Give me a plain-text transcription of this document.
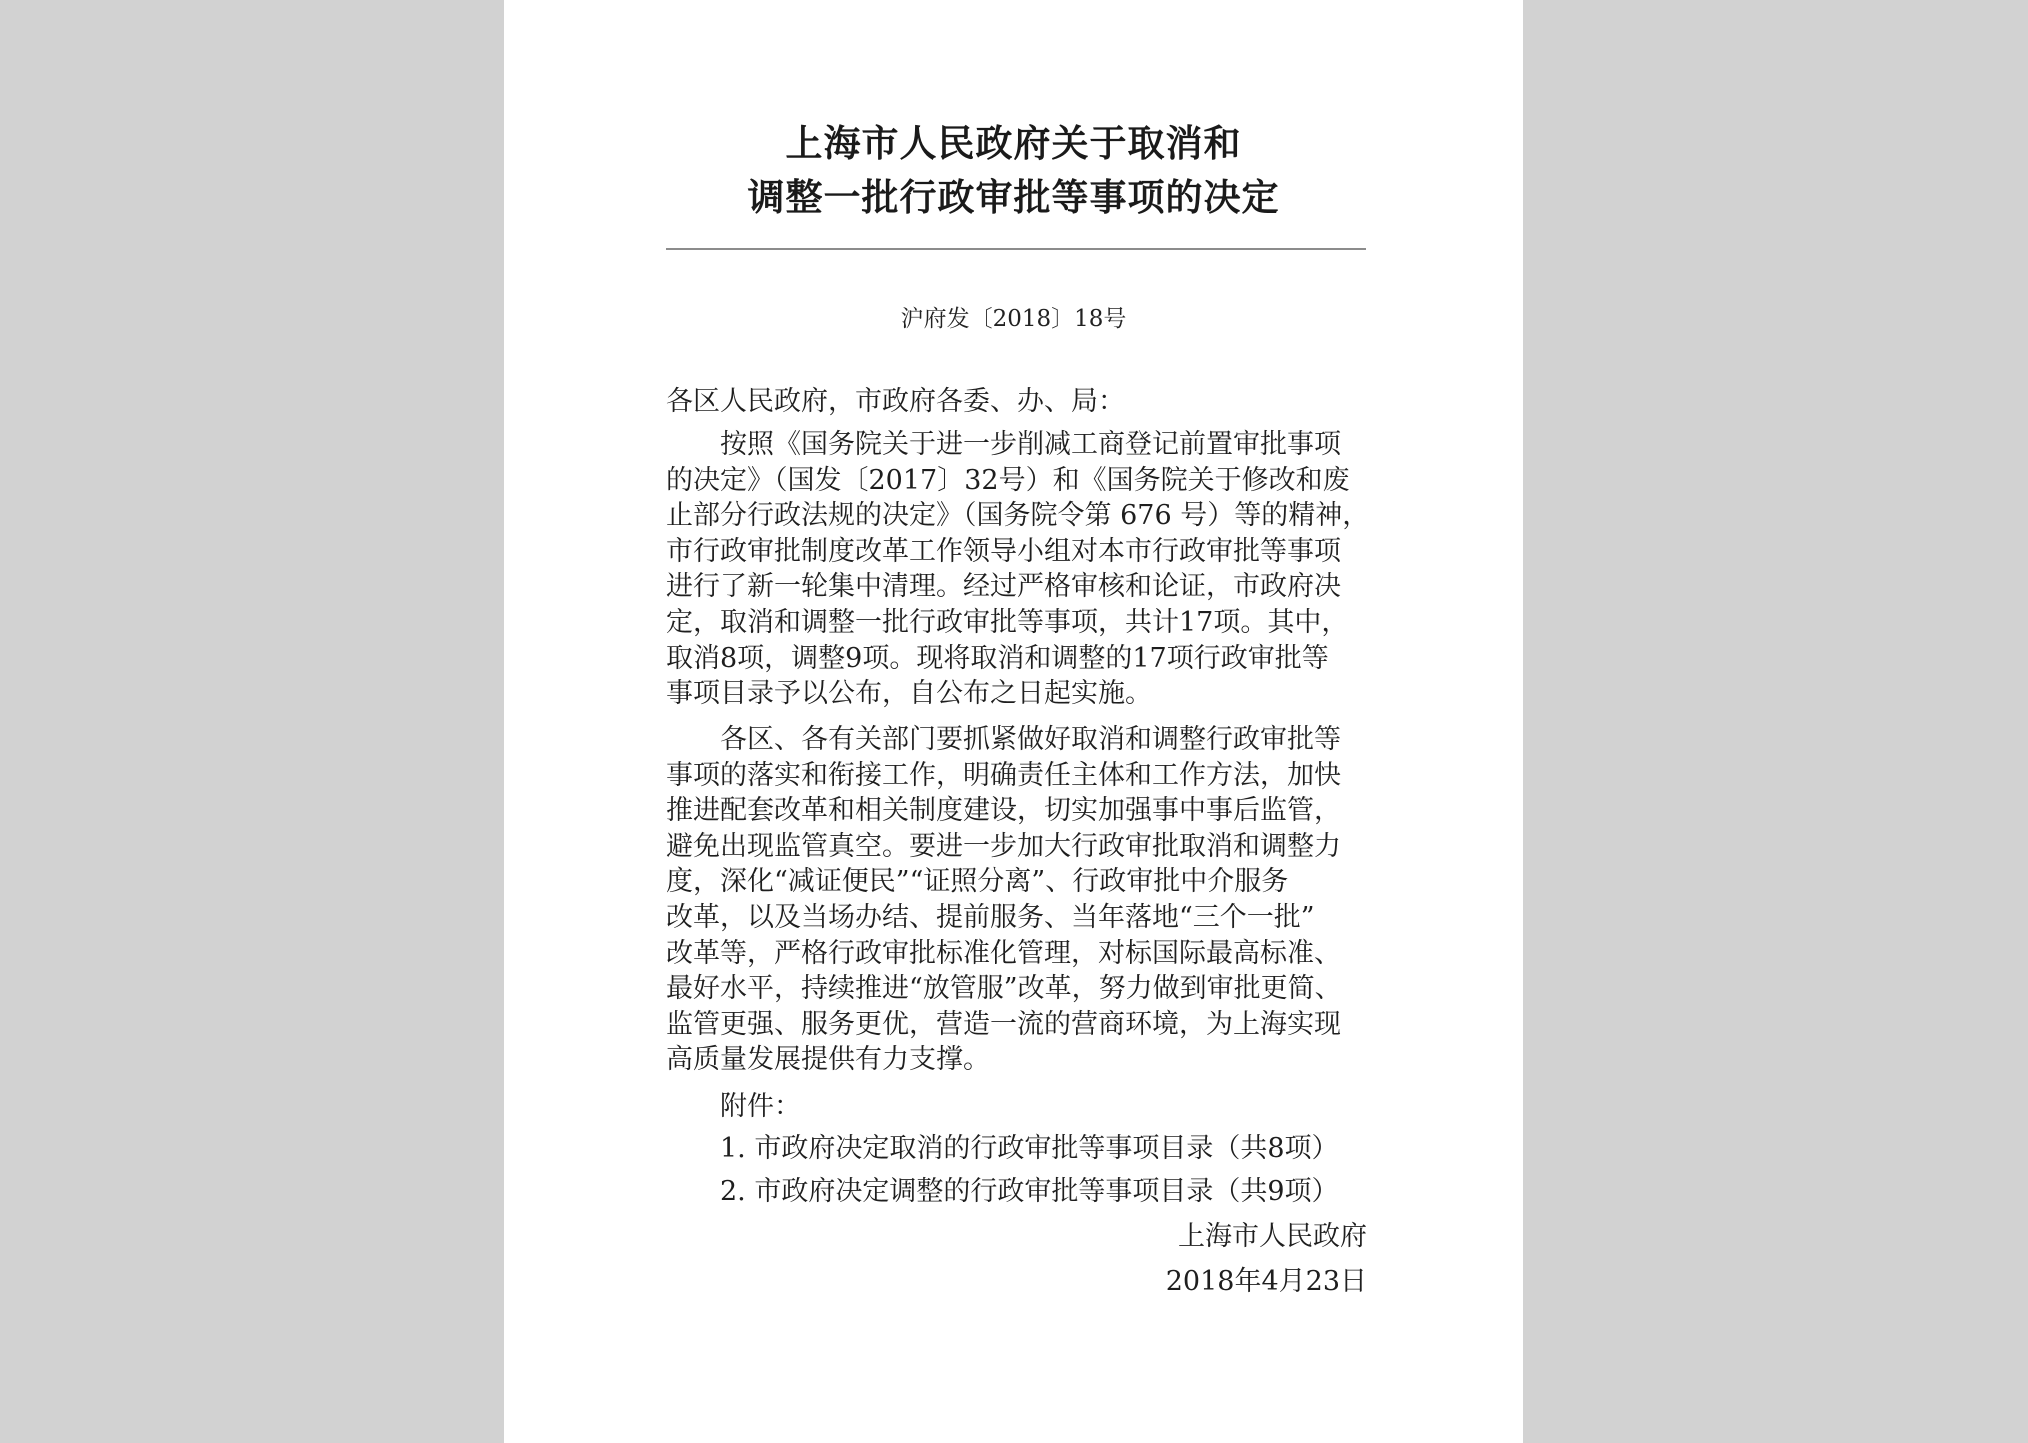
上海市人民政府关于取消和
调整一批行政审批等事项的决定
沪府发〔2018〕18号
各区人民政府，市政府各委、办、局：
按照《国务院关于进一步削减工商登记前置审批事项
的决定》（国发〔2017〕32号）和《国务院关于修改和废
止部分行政法规的决定》（国务院令第 676 号）等的精神，
市行政审批制度改革工作领导小组对本市行政审批等事项
进行了新一轮集中清理。经过严格审核和论证，市政府决
定，取消和调整一批行政审批等事项，共计17项。其中，
取消8项，调整9项。现将取消和调整的17项行政审批等
事项目录予以公布，自公布之日起实施。
各区、各有关部门要抓紧做好取消和调整行政审批等
事项的落实和衔接工作，明确责任主体和工作方法，加快
推进配套改革和相关制度建设，切实加强事中事后监管，
避免出现监管真空。要进一步加大行政审批取消和调整力
度，深化“减证便民”“证照分离”、行政审批中介服务
改革，以及当场办结、提前服务、当年落地“三个一批”
改革等，严格行政审批标准化管理，对标国际最高标准、
最好水平，持续推进“放管服”改革，努力做到审批更简、
监管更强、服务更优，营造一流的营商环境，为上海实现
高质量发展提供有力支撑。
附件：
1. 市政府决定取消的行政审批等事项目录（共8项）
2. 市政府决定调整的行政审批等事项目录（共9项）
上海市人民政府
2018年4月23日
